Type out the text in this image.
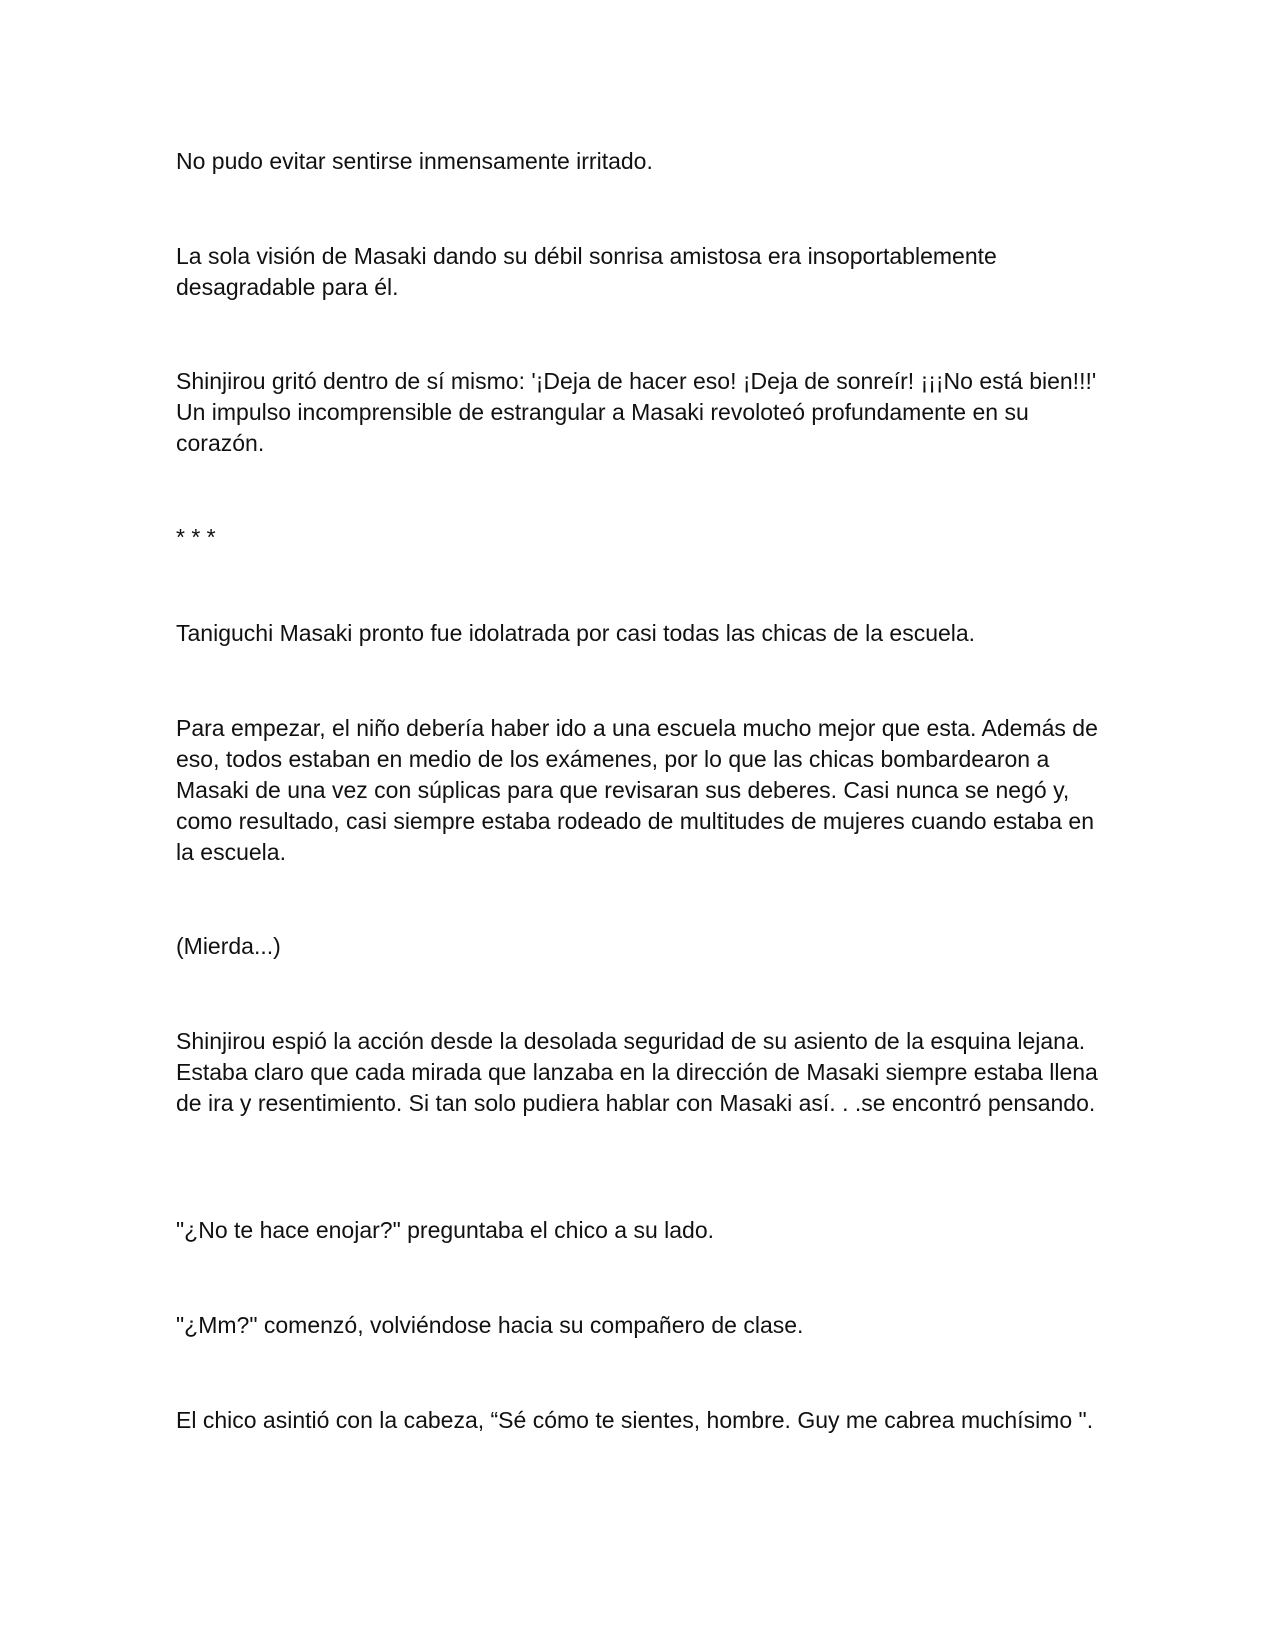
No pudo evitar sentirse inmensamente irritado.

La sola visión de Masaki dando su débil sonrisa amistosa era insoportablemente desagradable para él.

Shinjirou gritó dentro de sí mismo: '¡Deja de hacer eso! ¡Deja de sonreír! ¡¡¡No está bien!!!' Un impulso incomprensible de estrangular a Masaki revoloteó profundamente en su corazón.

* * *

Taniguchi Masaki pronto fue idolatrada por casi todas las chicas de la escuela.

Para empezar, el niño debería haber ido a una escuela mucho mejor que esta. Además de eso, todos estaban en medio de los exámenes, por lo que las chicas bombardearon a Masaki de una vez con súplicas para que revisaran sus deberes. Casi nunca se negó y, como resultado, casi siempre estaba rodeado de multitudes de mujeres cuando estaba en la escuela.

(Mierda...)

Shinjirou espió la acción desde la desolada seguridad de su asiento de la esquina lejana. Estaba claro que cada mirada que lanzaba en la dirección de Masaki siempre estaba llena de ira y resentimiento. Si tan solo pudiera hablar con Masaki así. . .se encontró pensando.

"¿No te hace enojar?" preguntaba el chico a su lado.

"¿Mm?" comenzó, volviéndose hacia su compañero de clase.

El chico asintió con la cabeza, “Sé cómo te sientes, hombre. Guy me cabrea muchísimo ".
